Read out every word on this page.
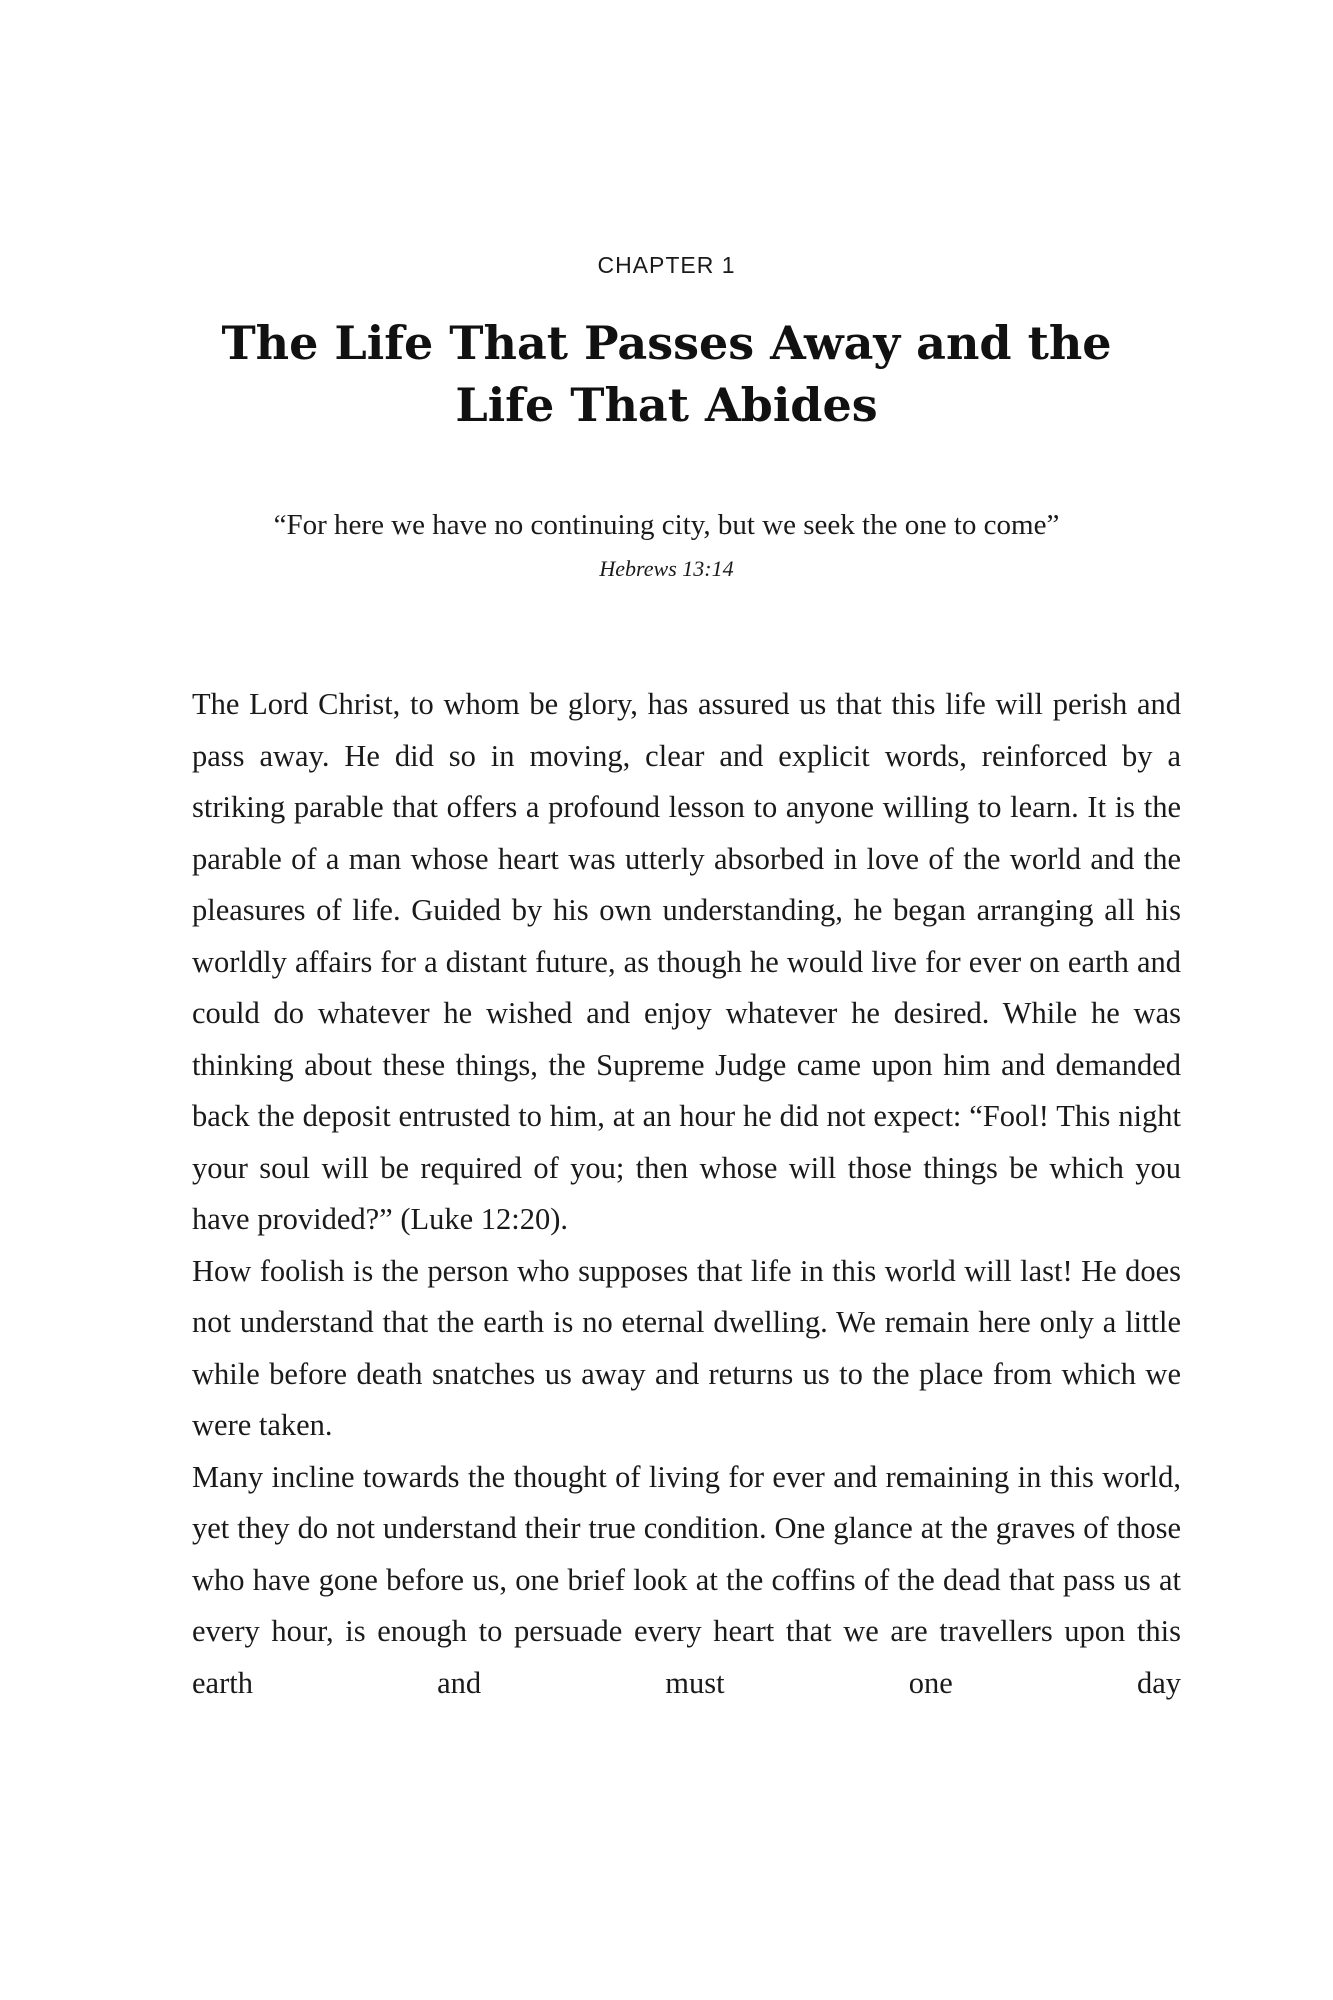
CHAPTER 1
The Life That Passes Away and the Life That Abides

“For here we have no continuing city, but we seek the one to come”

Hebrews 13:14

The Lord Christ, to whom be glory, has assured us that this life will perish and pass away. He did so in moving, clear and explicit words, reinforced by a striking parable that offers a profound lesson to anyone willing to learn. It is the parable of a man whose heart was utterly absorbed in love of the world and the pleasures of life. Guided by his own understanding, he began arranging all his worldly affairs for a distant future, as though he would live for ever on earth and could do whatever he wished and enjoy whatever he desired. While he was thinking about these things, the Supreme Judge came upon him and demanded back the deposit entrusted to him, at an hour he did not expect: “Fool! This night your soul will be required of you; then whose will those things be which you have provided?” (Luke 12:20).

How foolish is the person who supposes that life in this world will last! He does not understand that the earth is no eternal dwelling. We remain here only a little while before death snatches us away and returns us to the place from which we were taken.

Many incline towards the thought of living for ever and remaining in this world, yet they do not understand their true condition. One glance at the graves of those who have gone before us, one brief look at the coffins of the dead that pass us at every hour, is enough to persuade every heart that we are travellers upon this earth and must one day
